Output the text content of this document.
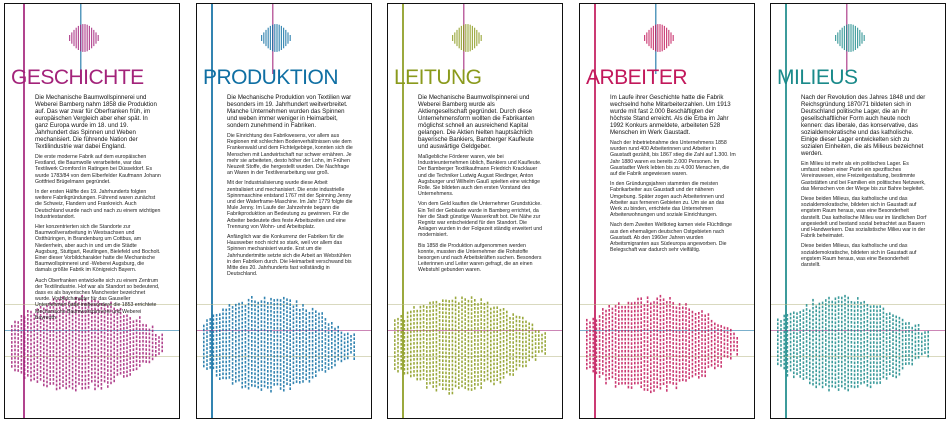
GESCHICHTE

Die Mechanische Baumwollspinnerei und Weberei Bamberg nahm 1858 die Produktion auf. Das war zwar für Oberfranken früh, im europäischen Vergleich aber eher spät. In ganz Europa wurde im 18. und 19. Jahrhundert das Spinnen und Weben mechanisiert. Die führende Nation der Textilindustrie war dabei England.

Die erste moderne Fabrik auf dem europäischen Festland, die Baumwolle verarbeitete, war das Textilwerk Cromford in Ratingen bei Düsseldorf. Es wurde 1783/84 von dem Elberfelder Kaufmann Johann Gottfried Brügelmann gegründet.

In der ersten Hälfte des 19. Jahrhunderts folgten weitere Fabrikgründungen. Führend waren zunächst die Schweiz, Flandern und Frankreich. Auch Deutschland wurde nach und nach zu einem wichtigen Industriestandort.

Hier konzentrierten sich die Standorte zur Baumwollverarbeitung in Westsachsen und Ostthüringen, in Brandenburg um Cottbus, am Niederrhein, aber auch in und um die Städte Augsburg, Stuttgart, Reutlingen, Bielefeld und Bocholt. Einer dieser Vorbildcharakter hatte die Mechanische Baumwollspinnerei und -Weberei Augsburg, die damals größte Fabrik im Königreich Bayern.

Auch Oberfranken entwickelte sich zu einem Zentrum der Textilindustrie. Hof war als Standort so bedeutend, dass es als bayerisches Manchester bezeichnet wurde. Vorbildcharakter für das Gauseller Unternehmen hatte insbesondere die 1853 errichtete Mechanische Baumwollspinnerei und Weberei Bayreuth.

PRODUKTION

Die Mechanische Produktion von Textilien war besonders im 19. Jahrhundert weitverbreitet. Manche Unternehmen wurden das Spinnen und weben immer weniger in Heimarbeit, sondern zunehmend in Fabriken.

Die Einrichtung des Fabrikwesens, vor allem aus Regionen mit schlechten Bodenverhältnissen wie dem Frankenwald und dem Fichtelgebirge, konnten sich die Menschen mit Landwirtschaft nur schwer ernähren. Je mehr sie arbeiteten, desto höher der Lohn, im Frühen Neuzeit Stoffe, die hergestellt wurden. Die Nachfrage an Waren in der Textilverarbeitung war groß.

Mit der Industrialisierung wurde diese Arbeit zentralisiert und mechanisiert. Die erste industrielle Spinnmaschine entstand 1767 mit der Spinning Jenny und der Waterframe-Maschine. Im Jahr 1779 folgte die Mule Jenny. Im Laufe der Jahrzehnte begann die Fabrikproduktion an Bedeutung zu gewinnen. Für die Arbeiter bedeutete dies feste Arbeitszeiten und eine Trennung von Wohn- und Arbeitsplatz.

Anfänglich war die Konkurrenz der Fabriken für die Hausweber noch nicht so stark, weil vor allem das Spinnen mechanisiert wurde. Erst um die Jahrhundertmitte setzte sich die Arbeit an Webstühlen in den Fabriken durch. Die Heimarbeit verschwand bis Mitte des 20. Jahrhunderts fast vollständig in Deutschland.

LEITUNG

Die Mechanische Baumwollspinnerei und Weberei Bamberg wurde als Aktiengesellschaft gegründet. Durch diese Unternehmensform wollten die Fabrikanten möglichst schnell an ausreichend Kapital gelangen. Die Aktien hielten hauptsächlich bayerische Bankiers, Bamberger Kaufleute und auswärtige Geldgeber.

Maßgebliche Förderer waren, wie bei Industrieunternehmen üblich, Bankiers und Kaufleute. Der Bamberger Textilkaufmann Friedrich Kracklauer und die Techniker Ludwig August Riedinger, Anton Augsburger und Wilhelm Gauß spielten eine wichtige Rolle. Sie bildeten auch den ersten Vorstand des Unternehmens.

Von dem Geld kauften die Unternehmer Grundstücke. Ein Teil der Gebäude wurde in Bamberg errichtet, da hier die Stadt günstige Wasserkraft bot. Die Nähe zur Regnitz war entscheidend für den Standort. Die Anlagen wurden in der Folgezeit ständig erweitert und modernisiert.

Bis 1858 die Produktion aufgenommen werden konnte, mussten die Unternehmer die Rohstoffe besorgen und nach Arbeitskräften suchen. Besonders Leiterinnen und Leiter waren gefragt, die an einen Webstuhl gebunden waren.

ARBEITER

Im Laufe ihrer Geschichte hatte die Fabrik wechselnd hohe Mitarbeiterzahlen. Um 1913 wurde mit fast 2.000 Beschäftigten der höchste Stand erreicht. Als die Erba im Jahr 1992 Konkurs anmeldete, arbeiteten 528 Menschen im Werk Gaustadt.

Nach der Inbetriebnahme des Unternehmens 1858 wurden rund 400 Arbeiterinnen und Arbeiter in Gaustadt gezählt, bis 1867 stieg die Zahl auf 1.300. Im Jahr 1880 waren es bereits 2.000 Personen. Im Gaustadter Werk lebten bis zu 4.000 Menschen, die auf die Fabrik angewiesen waren.

In den Gründungsjahren stammten die meisten Fabrikarbeiter aus Gaustadt und der näheren Umgebung. Später zogen auch Arbeiterinnen und Arbeiter aus ferneren Gebieten zu. Um sie an das Werk zu binden, errichtete das Unternehmen Arbeiterwohnungen und soziale Einrichtungen.

Nach dem Zweiten Weltkrieg kamen viele Flüchtlinge aus den ehemaligen deutschen Ostgebieten nach Gaustadt. Ab den 1960er Jahren wurden Arbeitsmigranten aus Südeuropa angeworben. Die Belegschaft war dadurch sehr vielfältig.

MILIEUS

Nach der Revolution des Jahres 1848 und der Reichsgründung 1870/71 bildeten sich in Deutschland politische Lager, die an ihr gesellschaftlicher Form auch heute noch kennen: das liberale, das konservative, das sozialdemokratische und das katholische. Einige dieser Lager entwickelten sich zu sozialen Einheiten, die als Milieus bezeichnet werden.

Ein Milieu ist mehr als ein politisches Lager. Es umfasst neben einer Partei ein spezifisches Vereinswesen, eine Freizeitgestaltung, bestimmte Gaststätten und bei Familien ein politisches Netzwerk, das Menschen von der Wiege bis zur Bahre begleitet.

Diese beiden Milieus, das katholische und das sozialdemokratische, bildeten sich in Gaustadt auf engstem Raum heraus, was eine Besonderheit darstellt. Das katholische Milieu war im ländlichen Dorf angesiedelt und bestand sozial betrachtet aus Bauern und Handwerkern. Das sozialistische Milieu war in der Fabrik beheimatet.

Diese beiden Milieus, das katholische und das sozialdemokratische, bildeten sich in Gaustadt auf engstem Raum heraus, was eine Besonderheit darstellt.
